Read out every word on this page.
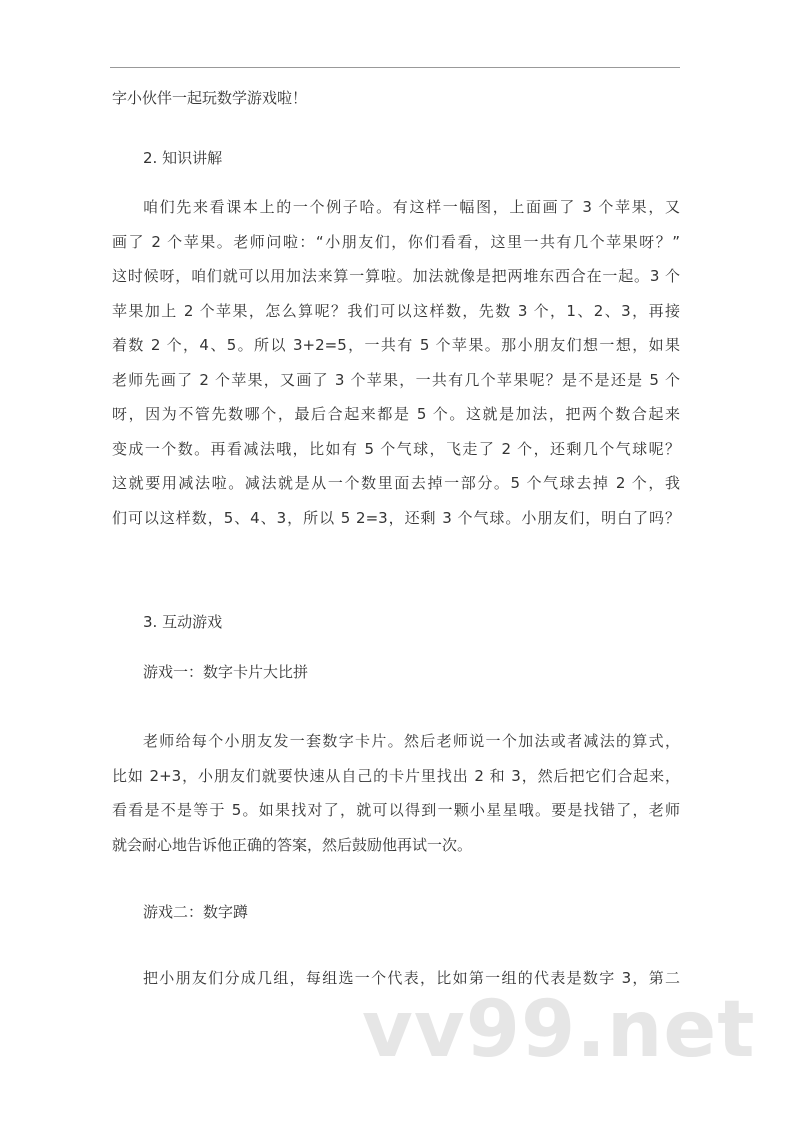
字小伙伴一起玩数学游戏啦！
2. 知识讲解
咱们先来看课本上的一个例子哈。有这样一幅图，上面画了 3 个苹果，又
画了 2 个苹果。老师问啦：“小朋友们，你们看看，这里一共有几个苹果呀？”
这时候呀，咱们就可以用加法来算一算啦。加法就像是把两堆东西合在一起。3 个
苹果加上 2 个苹果，怎么算呢？我们可以这样数，先数 3 个，1、2、3，再接
着数 2 个，4、5。所以 3+2=5，一共有 5 个苹果。那小朋友们想一想，如果
老师先画了 2 个苹果，又画了 3 个苹果，一共有几个苹果呢？是不是还是 5 个
呀，因为不管先数哪个，最后合起来都是 5 个。这就是加法，把两个数合起来
变成一个数。再看减法哦，比如有 5 个气球，飞走了 2 个，还剩几个气球呢？
这就要用减法啦。减法就是从一个数里面去掉一部分。5 个气球去掉 2 个，我
们可以这样数，5、4、3，所以 5 2=3，还剩 3 个气球。小朋友们，明白了吗？
3. 互动游戏
游戏一：数字卡片大比拼
老师给每个小朋友发一套数字卡片。然后老师说一个加法或者减法的算式，
比如 2+3，小朋友们就要快速从自己的卡片里找出 2 和 3，然后把它们合起来，
看看是不是等于 5。如果找对了，就可以得到一颗小星星哦。要是找错了，老师
就会耐心地告诉他正确的答案，然后鼓励他再试一次。
游戏二：数字蹲
把小朋友们分成几组，每组选一个代表，比如第一组的代表是数字 3，第二
vv99.net
